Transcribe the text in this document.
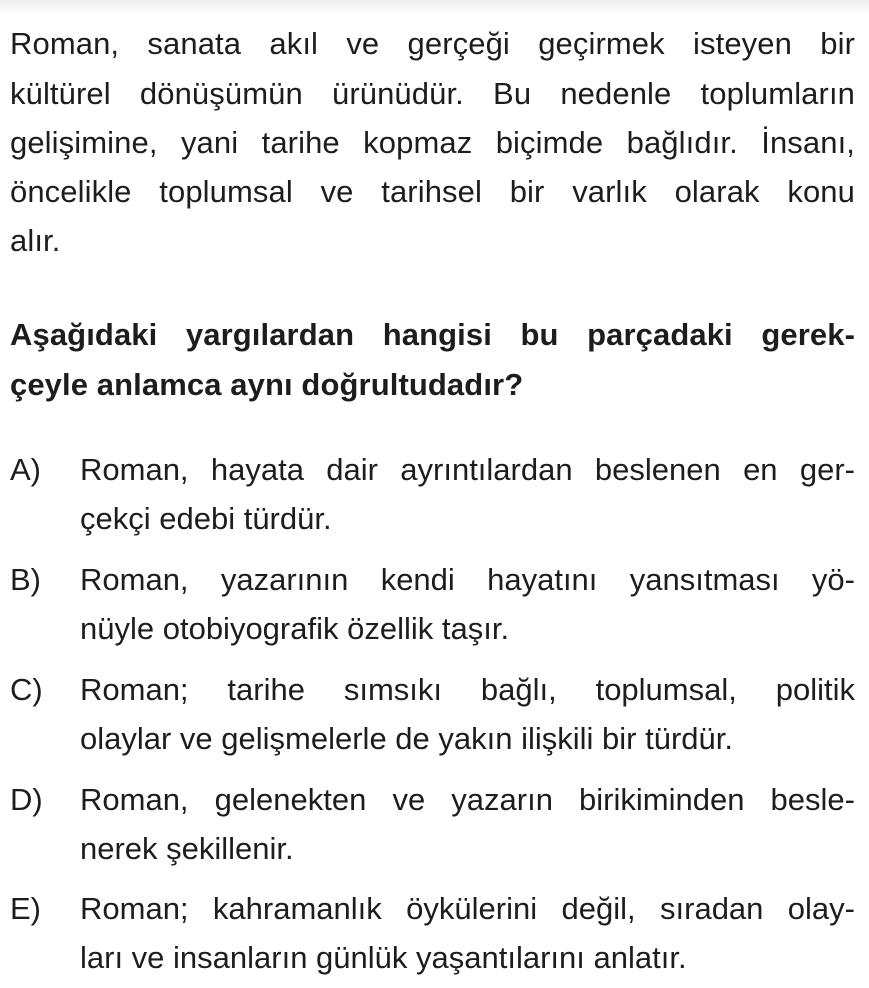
Roman, sanata akıl ve gerçeği geçirmek isteyen bir
kültürel dönüşümün ürünüdür. Bu nedenle toplumların
gelişimine, yani tarihe kopmaz biçimde bağlıdır. İnsanı,
öncelikle toplumsal ve tarihsel bir varlık olarak konu
alır.
Aşağıdaki yargılardan hangisi bu parçadaki gerek-
çeyle anlamca aynı doğrultudadır?
A) Roman, hayata dair ayrıntılardan beslenen en ger-
çekçi edebi türdür.
B) Roman, yazarının kendi hayatını yansıtması yö-
nüyle otobiyografik özellik taşır.
C) Roman; tarihe sımsıkı bağlı, toplumsal, politik
olaylar ve gelişmelerle de yakın ilişkili bir türdür.
D) Roman, gelenekten ve yazarın birikiminden besle-
nerek şekillenir.
E) Roman; kahramanlık öykülerini değil, sıradan olay-
ları ve insanların günlük yaşantılarını anlatır.
